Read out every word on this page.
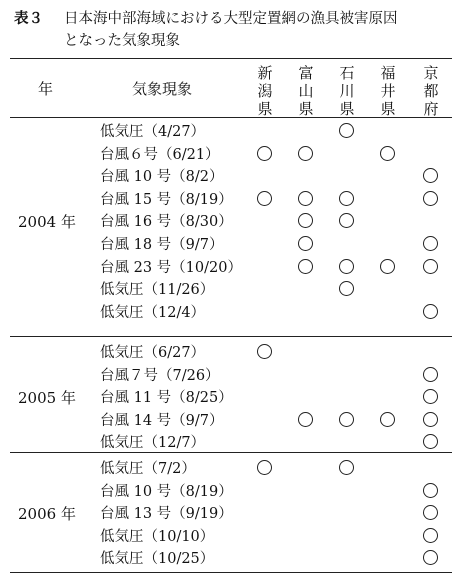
表３	日本海中部海域における大型定置網の漁具被害原因
となった気象現象
年	気象現象
新潟県
富山県
石川県
福井県
京都府
2004 年
低気圧（4/27）
台風６号（6/21）
台風 10 号（8/2）
台風 15 号（8/19）
台風 16 号（8/30）
台風 18 号（9/7）
台風 23 号（10/20）
低気圧（11/26）
低気圧（12/4）
2005 年
低気圧（6/27）
台風７号（7/26）
台風 11 号（8/25）
台風 14 号（9/7）
低気圧（12/7）
2006 年
低気圧（7/2）
台風 10 号（8/19）
台風 13 号（9/19）
低気圧（10/10）
低気圧（10/25）
